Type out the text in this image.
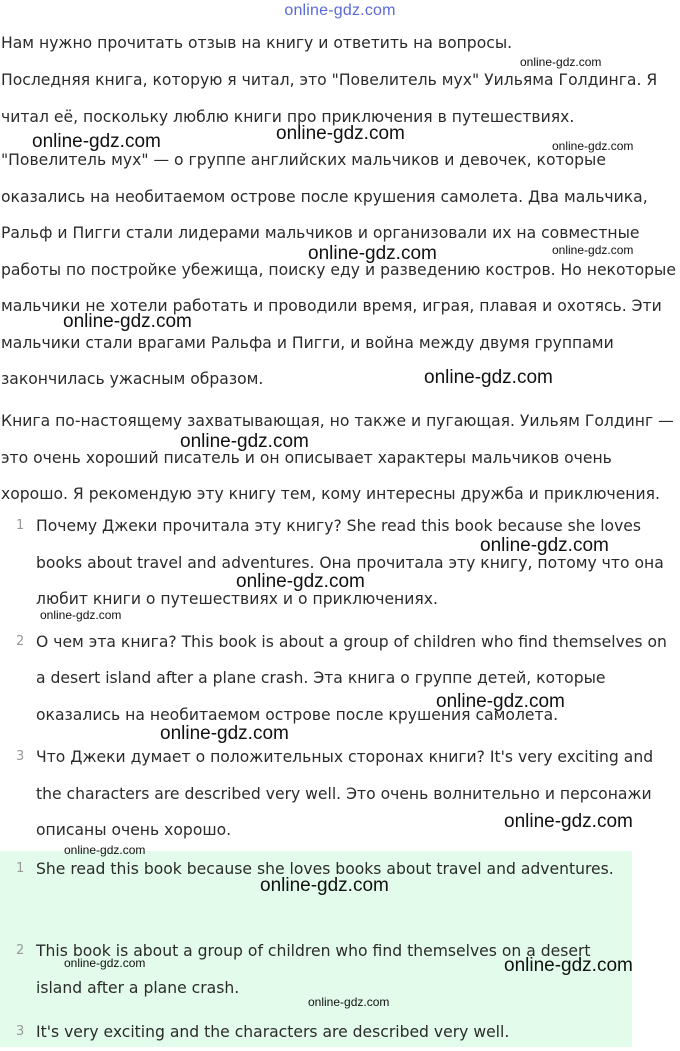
online-gdz.com

Нам нужно прочитать отзыв на книгу и ответить на вопросы.

Последняя книга, которую я читал, это "Повелитель мух" Уильяма Голдинга. Я читал её, поскольку люблю книги про приключения в путешествиях.

"Повелитель мух" — о группе английских мальчиков и девочек, которые оказались на необитаемом острове после крушения самолета. Два мальчика, Ральф и Пигги стали лидерами мальчиков и организовали их на совместные работы по постройке убежища, поиску еду и разведению костров. Но некоторые мальчики не хотели работать и проводили время, играя, плавая и охотясь. Эти мальчики стали врагами Ральфа и Пигги, и война между двумя группами закончилась ужасным образом.

Книга по-настоящему захватывающая, но также и пугающая. Уильям Голдинг — это очень хороший писатель и он описывает характеры мальчиков очень хорошо. Я рекомендую эту книгу тем, кому интересны дружба и приключения.

1 Почему Джеки прочитала эту книгу? She read this book because she loves books about travel and adventures. Она прочитала эту книгу, потому что она любит книги о путешествиях и о приключениях.
2 О чем эта книга? This book is about a group of children who find themselves on a desert island after a plane crash. Эта книга о группе детей, которые оказались на необитаемом острове после крушения самолета.
3 Что Джеки думает о положительных сторонах книги? It's very exciting and the characters are described very well. Это очень волнительно и персонажи описаны очень хорошо.
1 She read this book because she loves books about travel and adventures.
2 This book is about a group of children who find themselves on a desert island after a plane crash.
3 It's very exciting and the characters are described very well.
online-gdz.com
online-gdz.com	online-gdz.com
online-gdz.com
online-gdz.com	online-gdz.com
online-gdz.com
online-gdz.com
online-gdz.com
online-gdz.com
online-gdz.com
online-gdz.com
online-gdz.com
online-gdz.com
online-gdz.com
online-gdz.com
online-gdz.com
online-gdz.com	online-gdz.com
online-gdz.com
